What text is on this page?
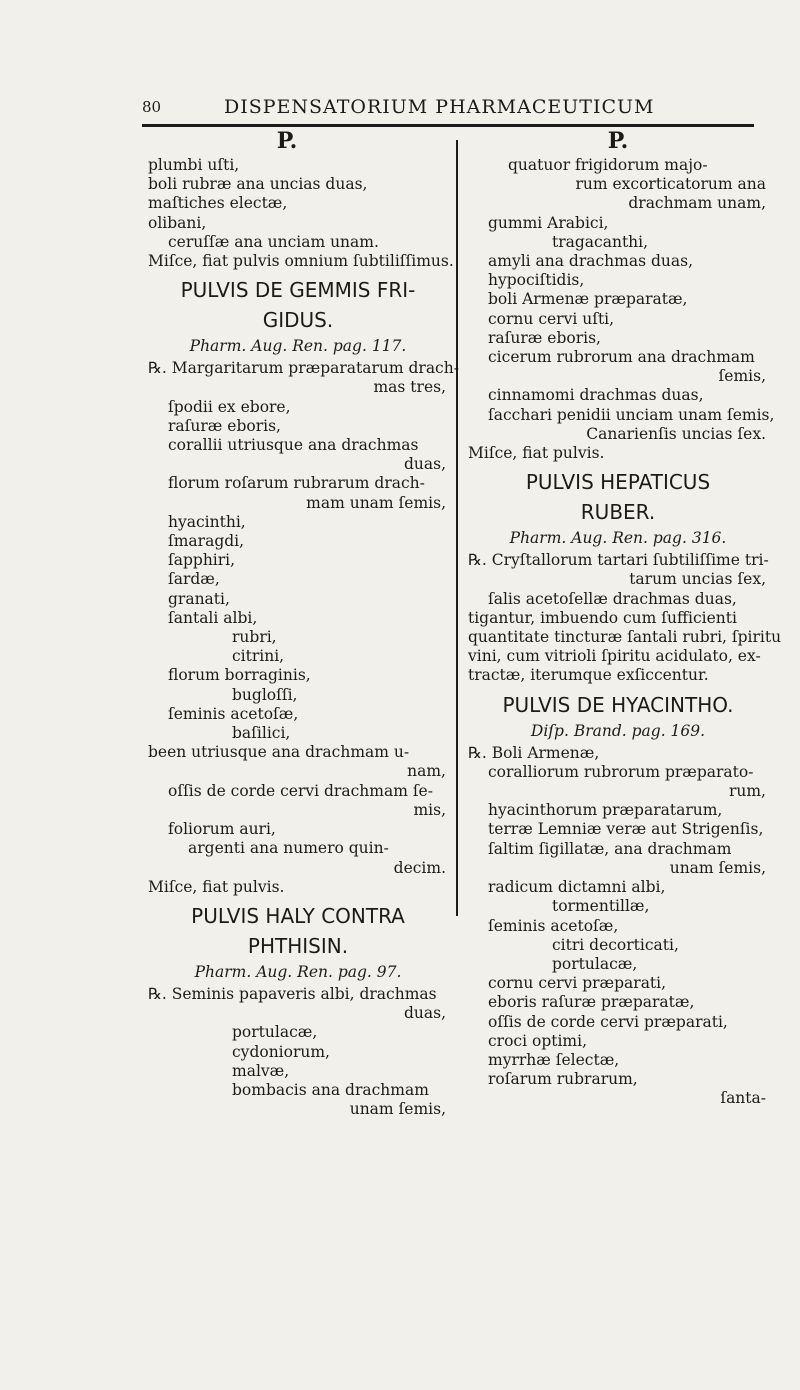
80	DISPENSATORIUM PHARMACEUTICUM
P.
plumbi uſti,
boli rubræ ana uncias duas,
maſtiches electæ,
olibani,
ceruſſæ ana unciam unam.
Miſce, fiat pulvis omnium ſubtiliſſimus.
PULVIS DE GEMMIS FRI-
GIDUS.
Pharm. Aug. Ren. pag. 117.
℞. Margaritarum præparatarum drach-
mas tres,
ſpodii ex ebore,
raſuræ eboris,
corallii utriusque ana drachmas
duas,
florum roſarum rubrarum drach-
mam unam ſemis,
hyacinthi,
ſmaragdi,
ſapphiri,
ſardæ,
granati,
ſantali albi,
rubri,
citrini,
florum borraginis,
bugloſſi,
ſeminis acetoſæ,
baſilici,
been utriusque ana drachmam u-
nam,
oſſis de corde cervi drachmam ſe-
mis,
foliorum auri,
argenti ana numero quin-
decim.
Miſce, fiat pulvis.
PULVIS HALY CONTRA
PHTHISIN.
Pharm. Aug. Ren. pag. 97.
℞. Seminis papaveris albi, drachmas
duas,
portulacæ,
cydoniorum,
malvæ,
bombacis ana drachmam
unam ſemis,
P.
quatuor frigidorum majo-
rum excorticatorum ana
drachmam unam,
gummi Arabici,
tragacanthi,
amyli ana drachmas duas,
hypociſtidis,
boli Armenæ præparatæ,
cornu cervi uſti,
raſuræ eboris,
cicerum rubrorum ana drachmam
ſemis,
cinnamomi drachmas duas,
ſacchari penidii unciam unam ſemis,
Canarienſis uncias ſex.
Miſce, fiat pulvis.
PULVIS HEPATICUS
RUBER.
Pharm. Aug. Ren. pag. 316.
℞. Cryſtallorum tartari ſubtiliſſime tri-
tarum uncias ſex,
ſalis acetoſellæ drachmas duas,
tigantur, imbuendo cum ſufficienti
quantitate tincturæ ſantali rubri, ſpiritu
vini, cum vitrioli ſpiritu acidulato, ex-
tractæ, iterumque exſiccentur.
PULVIS DE HYACINTHO.
Diſp. Brand. pag. 169.
℞. Boli Armenæ,
coralliorum rubrorum præparato-
rum,
hyacinthorum præparatarum,
terræ Lemniæ veræ aut Strigenſis,
ſaltim ſigillatæ, ana drachmam
unam ſemis,
radicum dictamni albi,
tormentillæ,
ſeminis acetoſæ,
citri decorticati,
portulacæ,
cornu cervi præparati,
eboris raſuræ præparatæ,
oſſis de corde cervi præparati,
croci optimi,
myrrhæ ſelectæ,
roſarum rubrarum,
ſanta-
